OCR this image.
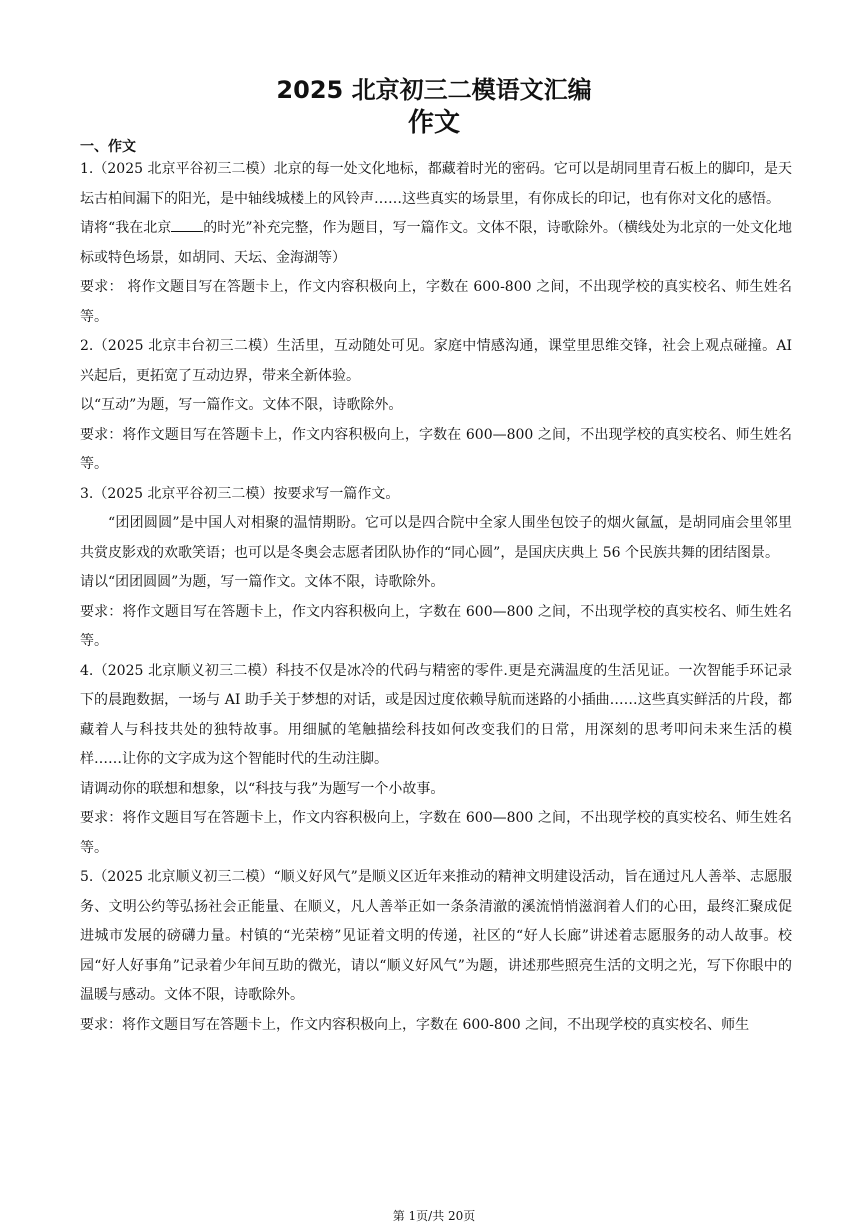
2025 北京初三二模语文汇编
作文
一、作文

1.（2025 北京平谷初三二模）北京的每一处文化地标，都藏着时光的密码。它可以是胡同里青石板上的脚印，是天坛古柏间漏下的阳光，是中轴线城楼上的风铃声……这些真实的场景里，有你成长的印记，也有你对文化的感悟。

请将“我在北京 的时光”补充完整，作为题目，写一篇作文。文体不限，诗歌除外。（横线处为北京的一处文化地标或特色场景，如胡同、天坛、金海湖等）

要求： 将作文题目写在答题卡上，作文内容积极向上，字数在 600-800 之间，不出现学校的真实校名、师生姓名等。

2.（2025 北京丰台初三二模）生活里，互动随处可见。家庭中情感沟通，课堂里思维交锋，社会上观点碰撞。AI 兴起后，更拓宽了互动边界，带来全新体验。

以“互动”为题，写一篇作文。文体不限，诗歌除外。

要求：将作文题目写在答题卡上，作文内容积极向上，字数在 600—800 之间，不出现学校的真实校名、师生姓名等。

3.（2025 北京平谷初三二模）按要求写一篇作文。

“团团圆圆”是中国人对相聚的温情期盼。它可以是四合院中全家人围坐包饺子的烟火氤氲，是胡同庙会里邻里共赏皮影戏的欢歌笑语；也可以是冬奥会志愿者团队协作的“同心圆”，是国庆庆典上 56 个民族共舞的团结图景。

请以“团团圆圆”为题，写一篇作文。文体不限，诗歌除外。

要求：将作文题目写在答题卡上，作文内容积极向上，字数在 600—800 之间，不出现学校的真实校名、师生姓名等。

4.（2025 北京顺义初三二模）科技不仅是冰冷的代码与精密的零件.更是充满温度的生活见证。一次智能手环记录下的晨跑数据，一场与 AI 助手关于梦想的对话，或是因过度依赖导航而迷路的小插曲……这些真实鲜活的片段，都藏着人与科技共处的独特故事。用细腻的笔触描绘科技如何改变我们的日常，用深刻的思考叩问未来生活的模样……让你的文字成为这个智能时代的生动注脚。

请调动你的联想和想象，以“科技与我”为题写一个小故事。

要求：将作文题目写在答题卡上，作文内容积极向上，字数在 600—800 之间，不出现学校的真实校名、师生姓名等。

5.（2025 北京顺义初三二模）“顺义好风气”是顺义区近年来推动的精神文明建设活动，旨在通过凡人善举、志愿服务、文明公约等弘扬社会正能量、在顺义，凡人善举正如一条条清澈的溪流悄悄滋润着人们的心田，最终汇聚成促进城市发展的磅礴力量。村镇的“光荣榜”见证着文明的传递，社区的“好人长廊”讲述着志愿服务的动人故事。校园“好人好事角”记录着少年间互助的微光，请以“顺义好风气”为题，讲述那些照亮生活的文明之光，写下你眼中的温暖与感动。文体不限，诗歌除外。

要求：将作文题目写在答题卡上，作文内容积极向上，字数在 600-800 之间，不出现学校的真实校名、师生

第 1页/共 20页
